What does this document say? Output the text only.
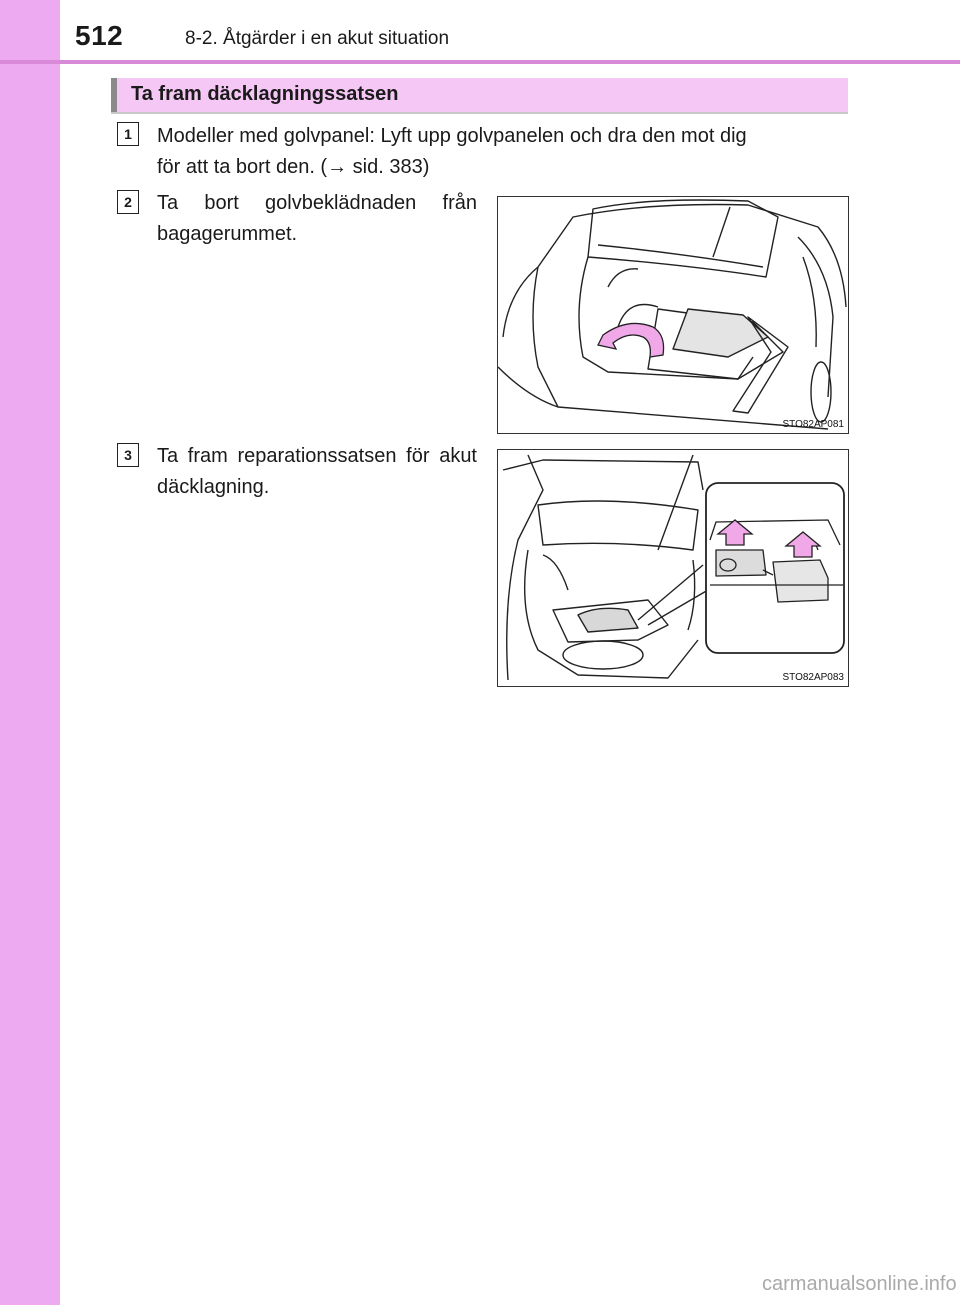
512	8-2. Åtgärder i en akut situation
Ta fram däcklagningssatsen
1	Modeller med golvpanel: Lyft upp golvpanelen och dra den mot dig
för att ta bort den. (→ sid. 383)
2	Ta bort golvbeklädnaden från bagagerummet.
STO82AP081
3	Ta fram reparationssatsen för akut däcklagning.
STO82AP083
carmanualsonline.info
